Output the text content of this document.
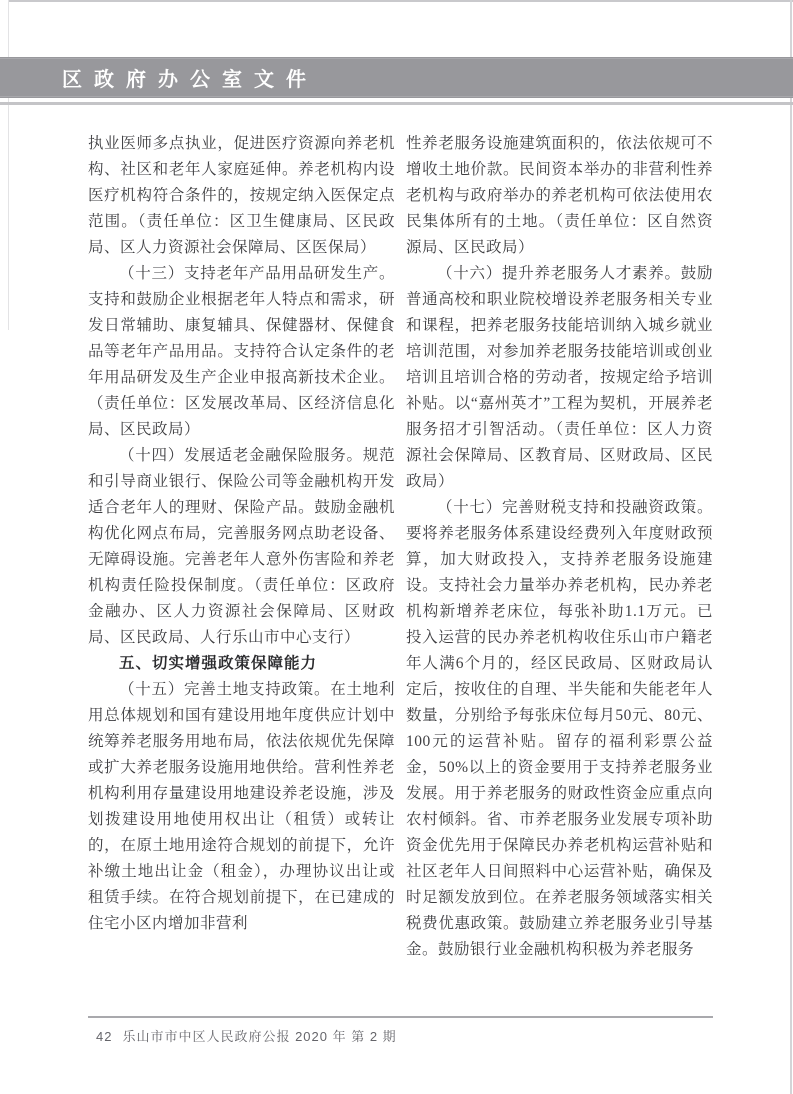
区政府办公室文件

执业医师多点执业，促进医疗资源向养老机构、社区和老年人家庭延伸。养老机构内设医疗机构符合条件的，按规定纳入医保定点范围。（责任单位：区卫生健康局、区民政局、区人力资源社会保障局、区医保局）

（十三）支持老年产品用品研发生产。支持和鼓励企业根据老年人特点和需求，研发日常辅助、康复辅具、保健器材、保健食品等老年产品用品。支持符合认定条件的老年用品研发及生产企业申报高新技术企业。（责任单位：区发展改革局、区经济信息化局、区民政局）

（十四）发展适老金融保险服务。规范和引导商业银行、保险公司等金融机构开发适合老年人的理财、保险产品。鼓励金融机构优化网点布局，完善服务网点助老设备、无障碍设施。完善老年人意外伤害险和养老机构责任险投保制度。（责任单位：区政府金融办、区人力资源社会保障局、区财政局、区民政局、人行乐山市中心支行）

五、切实增强政策保障能力

（十五）完善土地支持政策。在土地利用总体规划和国有建设用地年度供应计划中统筹养老服务用地布局，依法依规优先保障或扩大养老服务设施用地供给。营利性养老机构利用存量建设用地建设养老设施，涉及划拨建设用地使用权出让（租赁）或转让的，在原土地用途符合规划的前提下，允许补缴土地出让金（租金），办理协议出让或租赁手续。在符合规划前提下，在已建成的住宅小区内增加非营利

性养老服务设施建筑面积的，依法依规可不增收土地价款。民间资本举办的非营利性养老机构与政府举办的养老机构可依法使用农民集体所有的土地。（责任单位：区自然资源局、区民政局）

（十六）提升养老服务人才素养。鼓励普通高校和职业院校增设养老服务相关专业和课程，把养老服务技能培训纳入城乡就业培训范围，对参加养老服务技能培训或创业培训且培训合格的劳动者，按规定给予培训补贴。以“嘉州英才”工程为契机，开展养老服务招才引智活动。（责任单位：区人力资源社会保障局、区教育局、区财政局、区民政局）

（十七）完善财税支持和投融资政策。要将养老服务体系建设经费列入年度财政预算，加大财政投入，支持养老服务设施建设。支持社会力量举办养老机构，民办养老机构新增养老床位，每张补助1.1万元。已投入运营的民办养老机构收住乐山市户籍老年人满6个月的，经区民政局、区财政局认定后，按收住的自理、半失能和失能老年人数量，分别给予每张床位每月50元、80元、100元的运营补贴。留存的福利彩票公益金，50%以上的资金要用于支持养老服务业发展。用于养老服务的财政性资金应重点向农村倾斜。省、市养老服务业发展专项补助资金优先用于保障民办养老机构运营补贴和社区老年人日间照料中心运营补贴，确保及时足额发放到位。在养老服务领域落实相关税费优惠政策。鼓励建立养老服务业引导基金。鼓励银行业金融机构积极为养老服务

42 乐山市市中区人民政府公报 2020 年 第 2 期
